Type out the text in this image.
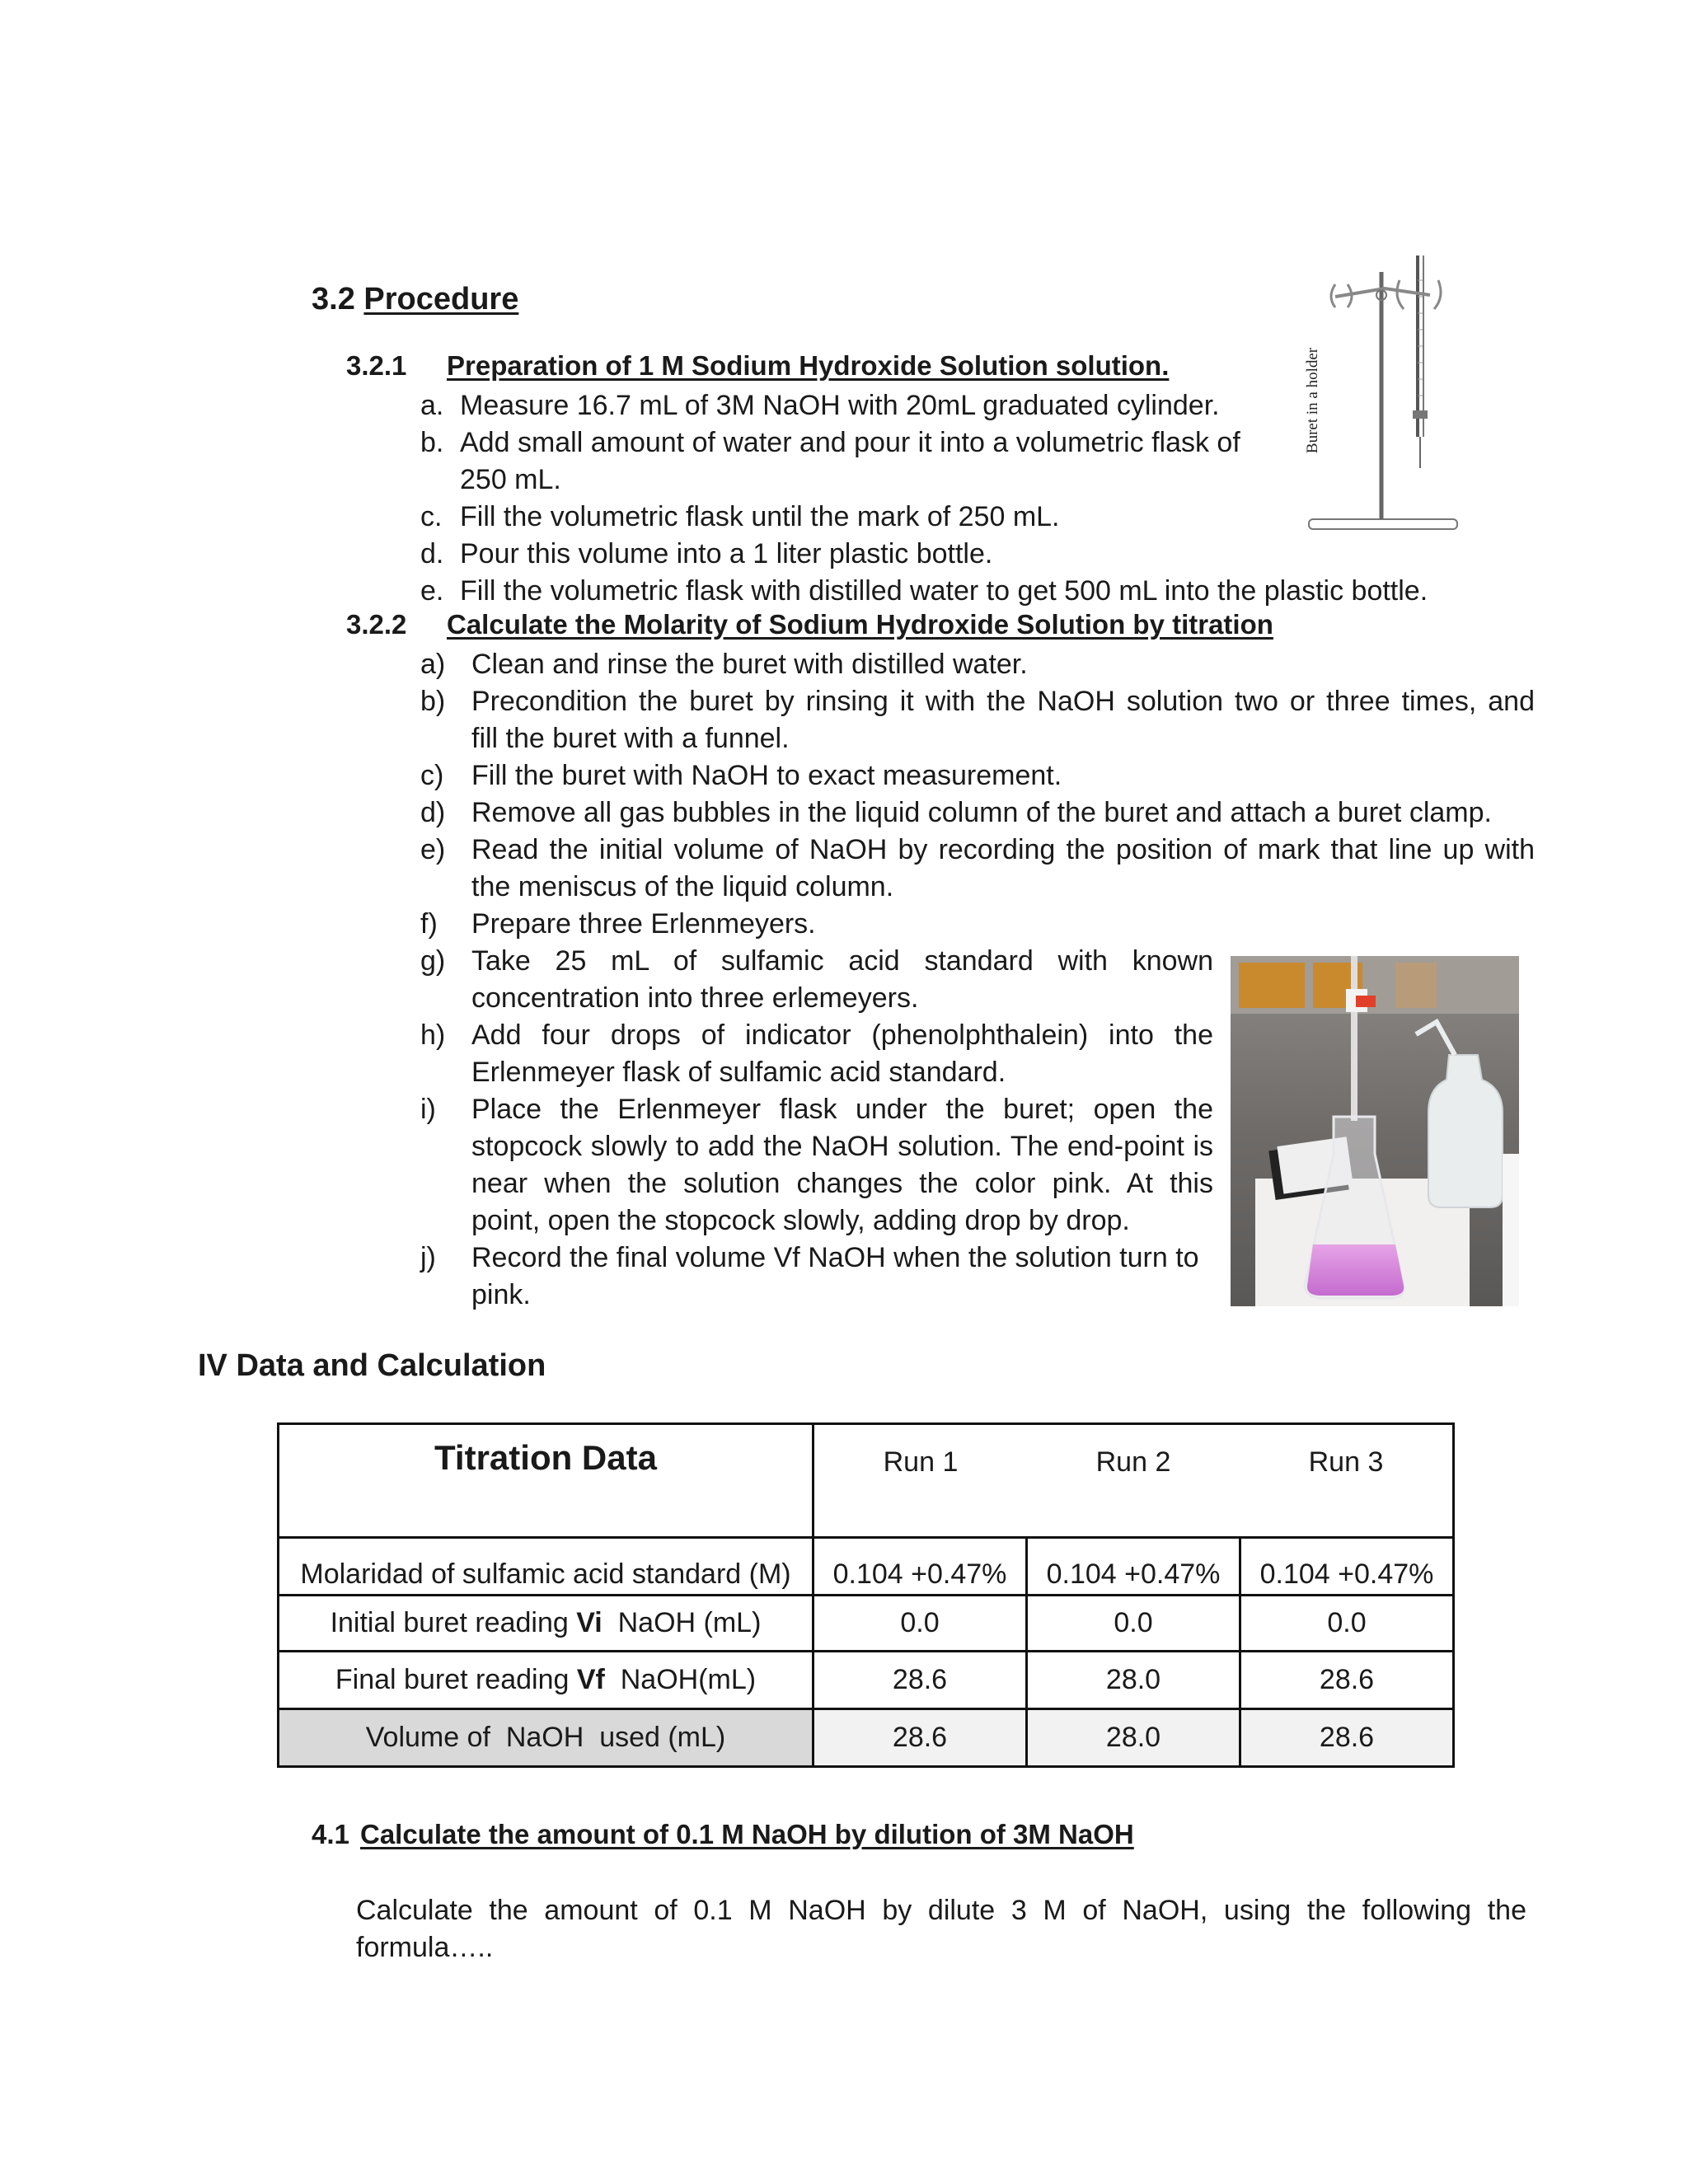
3.2 Procedure
3.2.1 Preparation of 1 M Sodium Hydroxide Solution solution.
a. Measure 16.7 mL of 3M NaOH with 20mL graduated cylinder.
b. Add small amount of water and pour it into a volumetric flask of
250 mL.
c. Fill the volumetric flask until the mark of 250 mL.
d. Pour this volume into a 1 liter plastic bottle.
e. Fill the volumetric flask with distilled water to get 500 mL into the plastic bottle.
Buret in a holder
3.2.2 Calculate the Molarity of Sodium Hydroxide Solution by titration
a) Clean and rinse the buret with distilled water.
b) Precondition the buret by rinsing it with the NaOH solution two or three times, and
fill the buret with a funnel.
c) Fill the buret with NaOH to exact measurement.
d) Remove all gas bubbles in the liquid column of the buret and attach a buret clamp.
e) Read the initial volume of NaOH by recording the position of mark that line up with
the meniscus of the liquid column.
f) Prepare three Erlenmeyers.
g) Take 25 mL of sulfamic acid standard with known
concentration into three erlemeyers.
h) Add four drops of indicator (phenolphthalein) into the
Erlenmeyer flask of sulfamic acid standard.
i) Place the Erlenmeyer flask under the buret; open the
stopcock slowly to add the NaOH solution. The end-point is
near when the solution changes the color pink. At this
point, open the stopcock slowly, adding drop by drop.
j) Record the final volume Vf NaOH when the solution turn to
pink.
IV Data and Calculation
Titration Data	Run 1 Run 2 Run 3		

Molaridad of sulfamic acid standard (M)	0.104 +0.47%	0.104 +0.47%	0.104 +0.47%
Initial buret reading Vi  NaOH (mL)	0.0	0.0	0.0
Final buret reading Vf  NaOH(mL)	28.6	28.0	28.6
Volume of  NaOH  used (mL)	28.6	28.0	28.6
4.1 Calculate the amount of 0.1 M NaOH by dilution of 3M NaOH
Calculate the amount of 0.1 M NaOH by dilute 3 M of NaOH, using the following the
formula…..
